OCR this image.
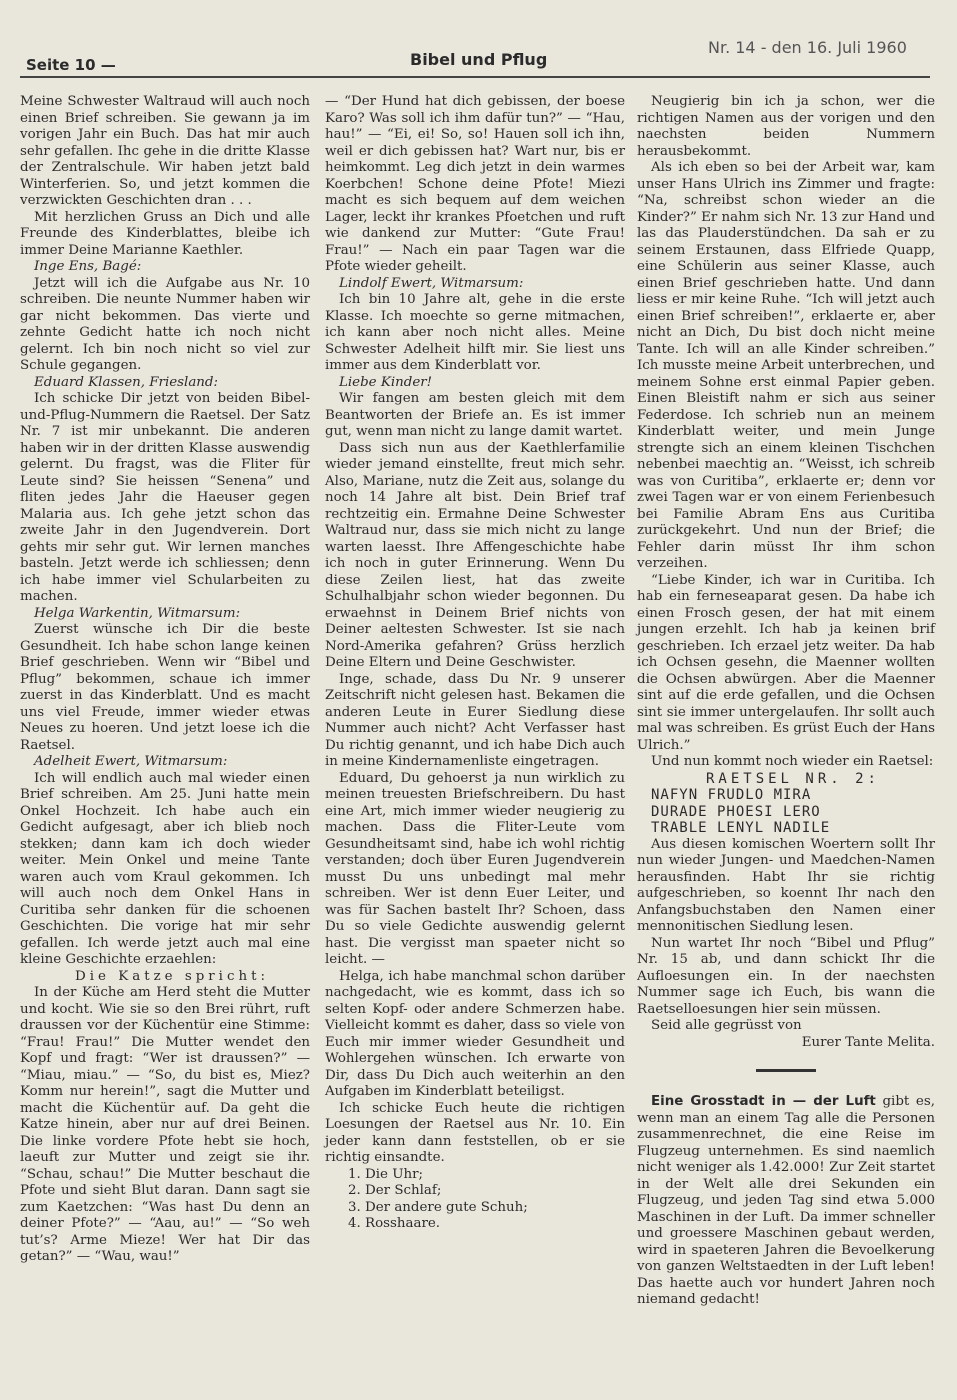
Seite 10 —	Bibel und Pflug
Nr. 14 - den 16. Juli 1960

Meine Schwester Waltraud will auch noch einen Brief schreiben. Sie gewann ja im vorigen Jahr ein Buch. Das hat mir auch sehr gefallen. Ihc gehe in die dritte Klasse der Zentralschule. Wir haben jetzt bald Winterferien. So, und jetzt kommen die verzwickten Geschichten dran . . .

Mit herzlichen Gruss an Dich und alle Freunde des Kinderblattes, bleibe ich immer Deine Marianne Kaethler.

Inge Ens, Bagé:

Jetzt will ich die Aufgabe aus Nr. 10 schreiben. Die neunte Nummer haben wir gar nicht bekommen. Das vierte und zehnte Gedicht hatte ich noch nicht gelernt. Ich bin noch nicht so viel zur Schule gegangen.

Eduard Klassen, Friesland:

Ich schicke Dir jetzt von beiden Bibel-und-Pflug-Nummern die Raetsel. Der Satz Nr. 7 ist mir unbekannt. Die anderen haben wir in der dritten Klasse auswendig gelernt. Du fragst, was die Fliter für Leute sind? Sie heissen “Senena” und fliten jedes Jahr die Haeuser gegen Malaria aus. Ich gehe jetzt schon das zweite Jahr in den Jugendverein. Dort gehts mir sehr gut. Wir lernen manches basteln. Jetzt werde ich schliessen; denn ich habe immer viel Schularbeiten zu machen.

Helga Warkentin, Witmarsum:

Zuerst wünsche ich Dir die beste Gesundheit. Ich habe schon lange keinen Brief geschrieben. Wenn wir “Bibel und Pflug” bekommen, schaue ich immer zuerst in das Kinderblatt. Und es macht uns viel Freude, immer wieder etwas Neues zu hoeren. Und jetzt loese ich die Raetsel.

Adelheit Ewert, Witmarsum:

Ich will endlich auch mal wieder einen Brief schreiben. Am 25. Juni hatte mein Onkel Hochzeit. Ich habe auch ein Gedicht aufgesagt, aber ich blieb noch stekken; dann kam ich doch wieder weiter. Mein Onkel und meine Tante waren auch vom Kraul gekommen. Ich will auch noch dem Onkel Hans in Curitiba sehr danken für die schoenen Geschichten. Die vorige hat mir sehr gefallen. Ich werde jetzt auch mal eine kleine Geschichte erzaehlen:

Die Katze spricht:

In der Küche am Herd steht die Mutter und kocht. Wie sie so den Brei rührt, ruft draussen vor der Küchentür eine Stimme: “Frau! Frau!” Die Mutter wendet den Kopf und fragt: “Wer ist draussen?” — “Miau, miau.” — “So, du bist es, Miez? Komm nur herein!”, sagt die Mutter und macht die Küchentür auf. Da geht die Katze hinein, aber nur auf drei Beinen. Die linke vordere Pfote hebt sie hoch, laeuft zur Mutter und zeigt sie ihr. “Schau, schau!” Die Mutter beschaut die Pfote und sieht Blut daran. Dann sagt sie zum Kaetzchen: “Was hast Du denn an deiner Pfote?” — “Aau, au!” — “So weh tut’s? Arme Mieze! Wer hat Dir das getan?” — “Wau, wau!”

— “Der Hund hat dich gebissen, der boese Karo? Was soll ich ihm dafür tun?” — “Hau, hau!” — “Ei, ei! So, so! Hauen soll ich ihn, weil er dich gebissen hat? Wart nur, bis er heimkommt. Leg dich jetzt in dein warmes Koerbchen! Schone deine Pfote! Miezi macht es sich bequem auf dem weichen Lager, leckt ihr krankes Pfoetchen und ruft wie dankend zur Mutter: “Gute Frau! Frau!” — Nach ein paar Tagen war die Pfote wieder geheilt.

Lindolf Ewert, Witmarsum:

Ich bin 10 Jahre alt, gehe in die erste Klasse. Ich moechte so gerne mitmachen, ich kann aber noch nicht alles. Meine Schwester Adelheit hilft mir. Sie liest uns immer aus dem Kinderblatt vor.

Liebe Kinder!

Wir fangen am besten gleich mit dem Beantworten der Briefe an. Es ist immer gut, wenn man nicht zu lange damit wartet.

Dass sich nun aus der Kaethlerfamilie wieder jemand einstellte, freut mich sehr. Also, Mariane, nutz die Zeit aus, solange du noch 14 Jahre alt bist. Dein Brief traf rechtzeitig ein. Ermahne Deine Schwester Waltraud nur, dass sie mich nicht zu lange warten laesst. Ihre Affengeschichte habe ich noch in guter Erinnerung. Wenn Du diese Zeilen liest, hat das zweite Schulhalbjahr schon wieder begonnen. Du erwaehnst in Deinem Brief nichts von Deiner aeltesten Schwester. Ist sie nach Nord-Amerika gefahren? Grüss herzlich Deine Eltern und Deine Geschwister.

Inge, schade, dass Du Nr. 9 unserer Zeitschrift nicht gelesen hast. Bekamen die anderen Leute in Eurer Siedlung diese Nummer auch nicht? Acht Verfasser hast Du richtig genannt, und ich habe Dich auch in meine Kindernamenliste eingetragen.

Eduard, Du gehoerst ja nun wirklich zu meinen treuesten Briefschreibern. Du hast eine Art, mich immer wieder neugierig zu machen. Dass die Fliter-Leute vom Gesundheitsamt sind, habe ich wohl richtig verstanden; doch über Euren Jugendverein musst Du uns unbedingt mal mehr schreiben. Wer ist denn Euer Leiter, und was für Sachen bastelt Ihr? Schoen, dass Du so viele Gedichte auswendig gelernt hast. Die vergisst man spaeter nicht so leicht. —

Helga, ich habe manchmal schon darüber nachgedacht, wie es kommt, dass ich so selten Kopf- oder andere Schmerzen habe. Vielleicht kommt es daher, dass so viele von Euch mir immer wieder Gesundheit und Wohlergehen wünschen. Ich erwarte von Dir, dass Du Dich auch weiterhin an den Aufgaben im Kinderblatt beteiligst.

Ich schicke Euch heute die richtigen Loesungen der Raetsel aus Nr. 10. Ein jeder kann dann feststellen, ob er sie richtig einsandte.

1. Die Uhr;
2. Der Schlaf;
3. Der andere gute Schuh;
4. Rosshaare.

Neugierig bin ich ja schon, wer die richtigen Namen aus der vorigen und den naechsten beiden Nummern herausbekommt.

Als ich eben so bei der Arbeit war, kam unser Hans Ulrich ins Zimmer und fragte: “Na, schreibst schon wieder an die Kinder?” Er nahm sich Nr. 13 zur Hand und las das Plauderstündchen. Da sah er zu seinem Erstaunen, dass Elfriede Quapp, eine Schülerin aus seiner Klasse, auch einen Brief geschrieben hatte. Und dann liess er mir keine Ruhe. “Ich will jetzt auch einen Brief schreiben!”, erklaerte er, aber nicht an Dich, Du bist doch nicht meine Tante. Ich will an alle Kinder schreiben.” Ich musste meine Arbeit unterbrechen, und meinem Sohne erst einmal Papier geben. Einen Bleistift nahm er sich aus seiner Federdose. Ich schrieb nun an meinem Kinderblatt weiter, und mein Junge strengte sich an einem kleinen Tischchen nebenbei maechtig an. “Weisst, ich schreib was von Curitiba”, erklaerte er; denn vor zwei Tagen war er von einem Ferienbesuch bei Familie Abram Ens aus Curitiba zurückgekehrt. Und nun der Brief; die Fehler darin müsst Ihr ihm schon verzeihen.

“Liebe Kinder, ich war in Curitiba. Ich hab ein ferneseaparat gesen. Da habe ich einen Frosch gesen, der hat mit einem jungen erzehlt. Ich hab ja keinen brif geschrieben. Ich erzael jetz weiter. Da hab ich Ochsen gesehn, die Maenner wollten die Ochsen abwürgen. Aber die Maenner sint auf die erde gefallen, und die Ochsen sint sie immer untergelaufen. Ihr sollt auch mal was schreiben. Es grüst Euch der Hans Ulrich.”

Und nun kommt noch wieder ein Raetsel:

RAETSEL NR. 2:

NAFYN FRUDLO MIRA

DURADE PHOESI LERO

TRABLE LENYL NADILE

Aus diesen komischen Woertern sollt Ihr nun wieder Jungen- und Maedchen-Namen herausfinden. Habt Ihr sie richtig aufgeschrieben, so koennt Ihr nach den Anfangsbuchstaben den Namen einer mennonitischen Siedlung lesen.

Nun wartet Ihr noch “Bibel und Pflug” Nr. 15 ab, und dann schickt Ihr die Aufloesungen ein. In der naechsten Nummer sage ich Euch, bis wann die Raetselloesungen hier sein müssen.

Seid alle gegrüsst von

Eurer Tante Melita.

Eine Grosstadt in — der Luft gibt es, wenn man an einem Tag alle die Personen zusammenrechnet, die eine Reise im Flugzeug unternehmen. Es sind naemlich nicht weniger als 1.42.000! Zur Zeit startet in der Welt alle drei Sekunden ein Flugzeug, und jeden Tag sind etwa 5.000 Maschinen in der Luft. Da immer schneller und groessere Maschinen gebaut werden, wird in spaeteren Jahren die Bevoelkerung von ganzen Weltstaedten in der Luft leben! Das haette auch vor hundert Jahren noch niemand gedacht!
